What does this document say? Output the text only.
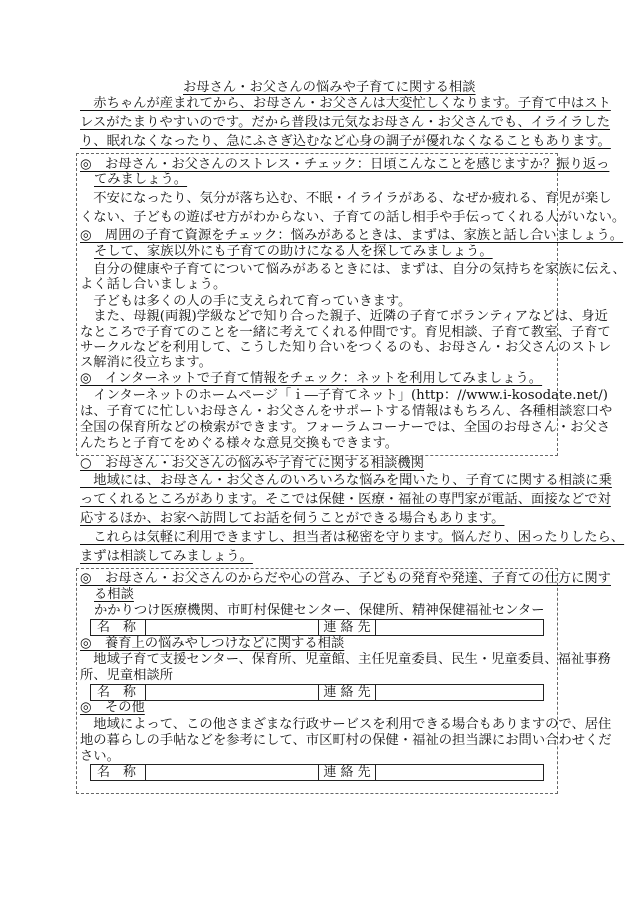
お母さん・お父さんの悩みや子育てに関する相談
　赤ちゃんが産まれてから、お母さん・お父さんは大変忙しくなります。子育て中はスト
レスがたまりやすいのです。だから普段は元気なお母さん・お父さんでも、イライラした
り、眠れなくなったり、急にふさぎ込むなど心身の調子が優れなくなることもあります。
◎　お母さん・お父さんのストレス・チェック：日頃こんなことを感じますか？振り返っ
てみましょう。
　不安になったり、気分が落ち込む、不眠・イライラがある、なぜか疲れる、育児が楽し
くない、子どもの遊ばせ方がわからない、子育ての話し相手や手伝ってくれる人がいない。
◎　周囲の子育て資源をチェック：悩みがあるときは、まずは、家族と話し合いましょう。
そして、家族以外にも子育ての助けになる人を探してみましょう。
　自分の健康や子育てについて悩みがあるときには、まずは、自分の気持ちを家族に伝え、
よく話し合いましょう。
　子どもは多くの人の手に支えられて育っていきます。
　また、母親(両親)学級などで知り合った親子、近隣の子育てボランティアなどは、身近
なところで子育てのことを一緒に考えてくれる仲間です。育児相談、子育て教室、子育て
サークルなどを利用して、こうした知り合いをつくるのも、お母さん・お父さんのストレ
ス解消に役立ちます。
◎　インターネットで子育て情報をチェック：ネットを利用してみましょう。
　インターネットのホームページ「ｉ―子育てネット」(http：//www.i-kosodate.net/)
は、子育てに忙しいお母さん・お父さんをサポートする情報はもちろん、各種相談窓口や
全国の保育所などの検索ができます。フォーラムコーナーでは、全国のお母さん・お父さ
んたちと子育てをめぐる様々な意見交換もできます。
○　お母さん・お父さんの悩みや子育てに関する相談機関
　地域には、お母さん・お父さんのいろいろな悩みを聞いたり、子育てに関する相談に乗
ってくれるところがあります。そこでは保健・医療・福祉の専門家が電話、面接などで対
応するほか、お家へ訪問してお話を伺うことができる場合もあります。
　これらは気軽に利用できますし、担当者は秘密を守ります。悩んだり、困ったりしたら、
まずは相談してみましょう。
◎　お母さん・お父さんのからだや心の営み、子どもの発育や発達、子育ての仕方に関す
る相談
かかりつけ医療機関、市町村保健センター、保健所、精神保健福祉センター
名　称	連 絡 先
◎　養育上の悩みやしつけなどに関する相談
　地域子育て支援センター、保育所、児童館、主任児童委員、民生・児童委員、福祉事務
所、児童相談所
名　称	連 絡 先
◎　その他
　地域によって、この他さまざまな行政サービスを利用できる場合もありますので、居住
地の暮らしの手帖などを参考にして、市区町村の保健・福祉の担当課にお問い合わせくだ
さい。
名　称	連 絡 先
